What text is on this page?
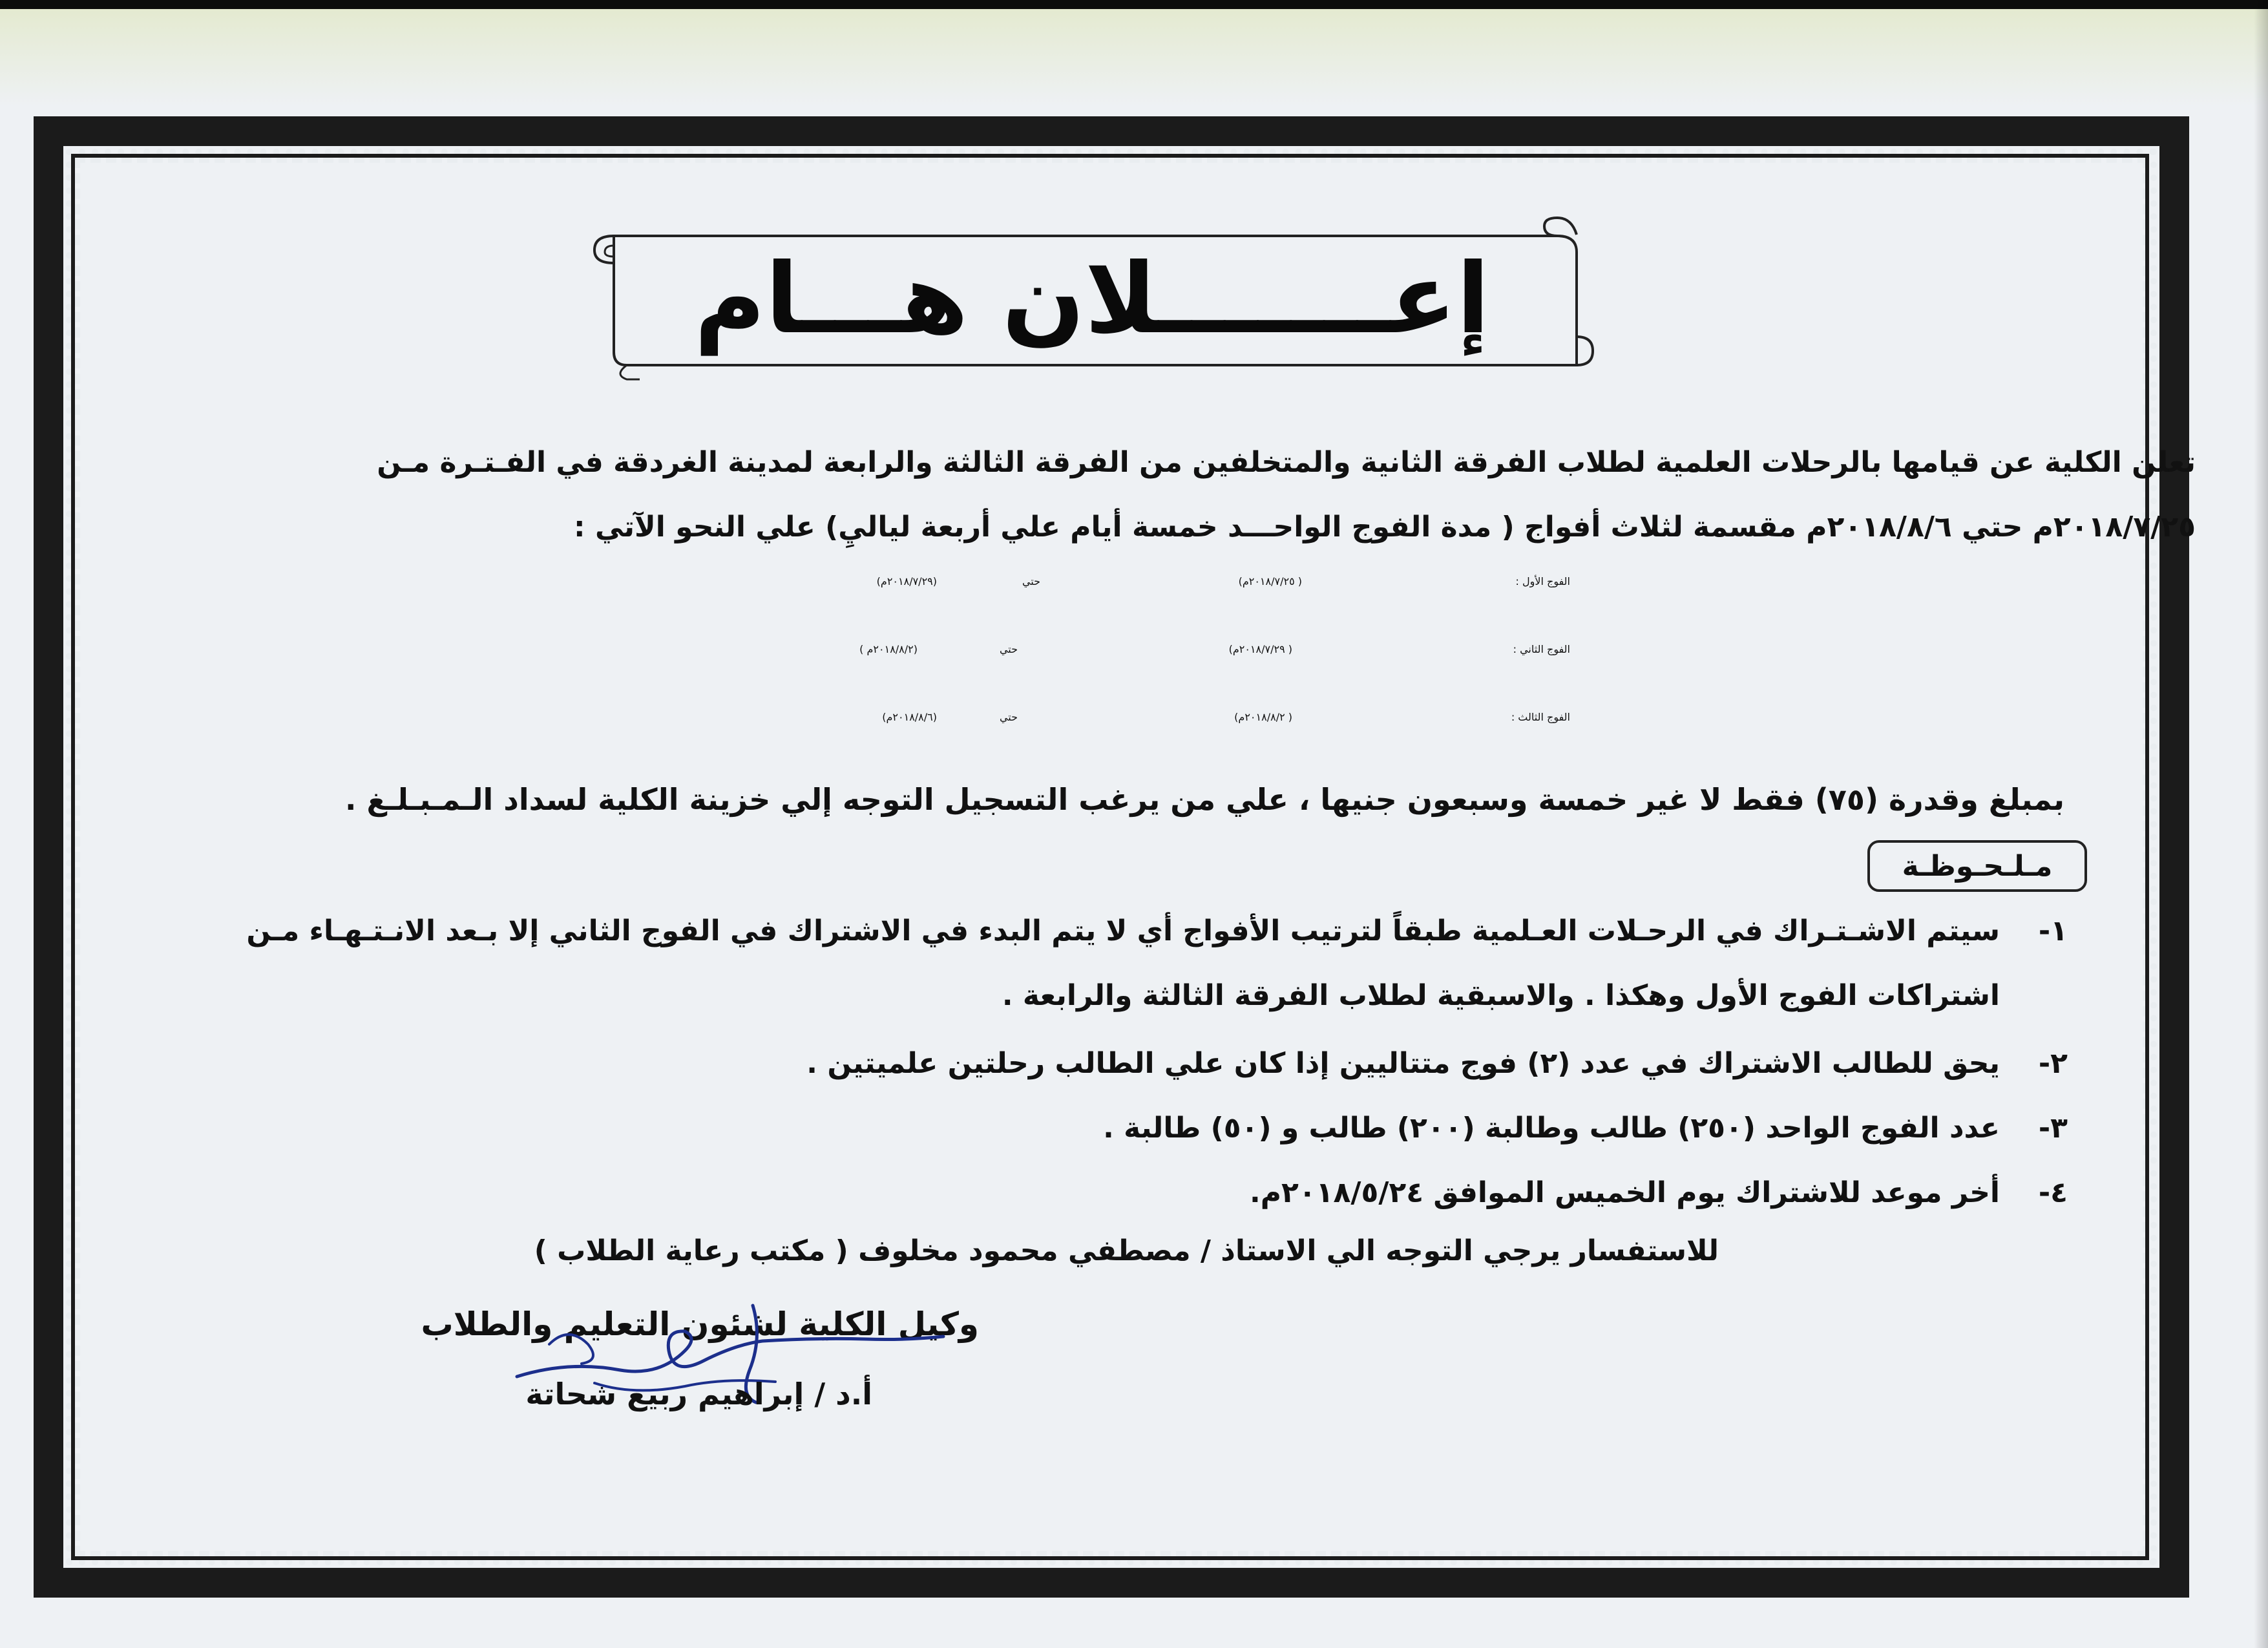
إعـــــــلان هـــام
تعلن الكلية عن قيامها بالرحلات العلمية لطلاب الفرقة الثانية والمتخلفين من الفرقة الثالثة والرابعة لمدينة الغردقة في الفـتـرة مـن
٢٠١٨/٧/٢٥م حتي ٢٠١٨/٨/٦م مقسمة لثلاث أفواج ( مدة الفوج الواحـــد خمسة أيام علي أربعة لياليِ) علي النحو الآتي :
الفوج الأول :
( ٢٠١٨/٧/٢٥م)
حتي
(٢٠١٨/٧/٢٩م)
الفوج الثاني :
( ٢٠١٨/٧/٢٩م)
حتي
(٢٠١٨/٨/٢م )
الفوج الثالث :
( ٢٠١٨/٨/٢م)
حتي
(٢٠١٨/٨/٦م)
بمبلغ وقدرة (٧٥) فقط لا غير خمسة وسبعون جنيها ، علي من يرغب التسجيل التوجه إلي خزينة الكلية لسداد الـمـبـلـغ .
مـلـحـوظـة
١-
سيتم الاشـتـراك في الرحـلات العـلمية طبقاً لترتيب الأفواج أي لا يتم البدء في الاشتراك في الفوج الثاني إلا بـعد الانـتـهـاء مـن
اشتراكات الفوج الأول وهكذا . والاسبقية لطلاب الفرقة الثالثة والرابعة .
٢-
يحق للطالب الاشتراك في عدد (٢) فوج متتاليين إذا كان علي الطالب رحلتين علميتين .
٣-
عدد الفوج الواحد (٢٥٠) طالب وطالبة (٢٠٠) طالب و (٥٠) طالبة .
٤-
أخر موعد للاشتراك يوم الخميس الموافق ٢٠١٨/٥/٢٤م.
للاستفسار يرجي التوجه الي الاستاذ / مصطفي محمود مخلوف ( مكتب رعاية الطلاب )
وكيل الكلية لشئون التعليم والطلاب
أ.د / إبراهيم ربيع شحاتة
